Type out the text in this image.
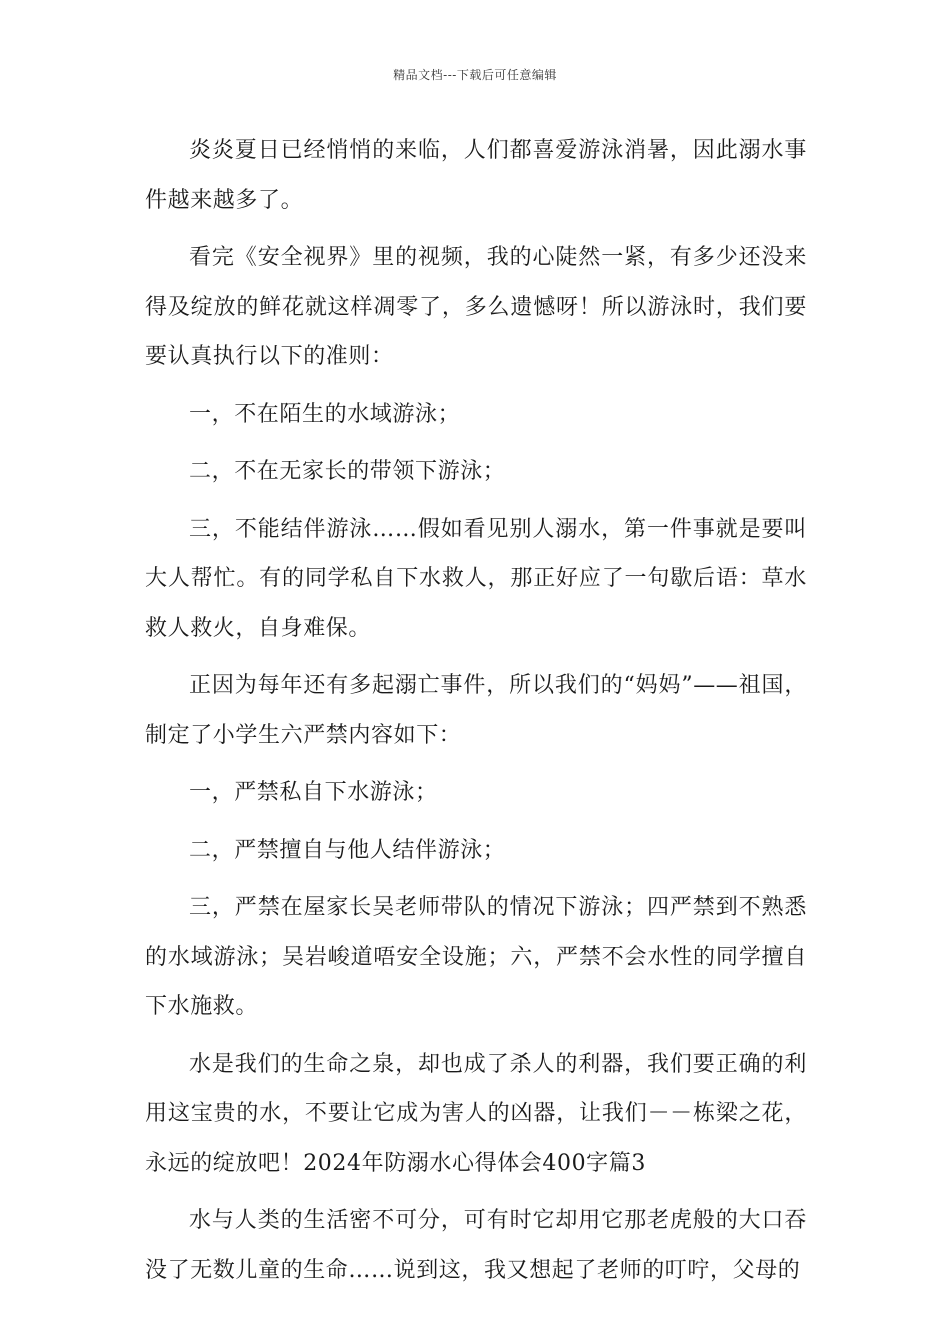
精品文档---下载后可任意编辑

炎炎夏日已经悄悄的来临，人们都喜爱游泳消暑，因此溺水事件越来越多了。

看完《安全视界》里的视频，我的心陡然一紧，有多少还没来得及绽放的鲜花就这样凋零了，多么遗憾呀！所以游泳时，我们要要认真执行以下的准则：

一，不在陌生的水域游泳；

二，不在无家长的带领下游泳；

三，不能结伴游泳……假如看见别人溺水，第一件事就是要叫大人帮忙。有的同学私自下水救人，那正好应了一句歇后语：草水救人救火，自身难保。

正因为每年还有多起溺亡事件，所以我们的“妈妈”——祖国，制定了小学生六严禁内容如下：

一，严禁私自下水游泳；

二，严禁擅自与他人结伴游泳；

三，严禁在屋家长吴老师带队的情况下游泳；四严禁到不熟悉的水域游泳；吴岩峻道唔安全设施；六，严禁不会水性的同学擅自下水施救。

水是我们的生命之泉，却也成了杀人的利器，我们要正确的利用这宝贵的水，不要让它成为害人的凶器，让我们－－栋梁之花，永远的绽放吧！2024年防溺水心得体会400字篇3

水与人类的生活密不可分，可有时它却用它那老虎般的大口吞没了无数儿童的生命……说到这，我又想起了老师的叮咛，父母的
